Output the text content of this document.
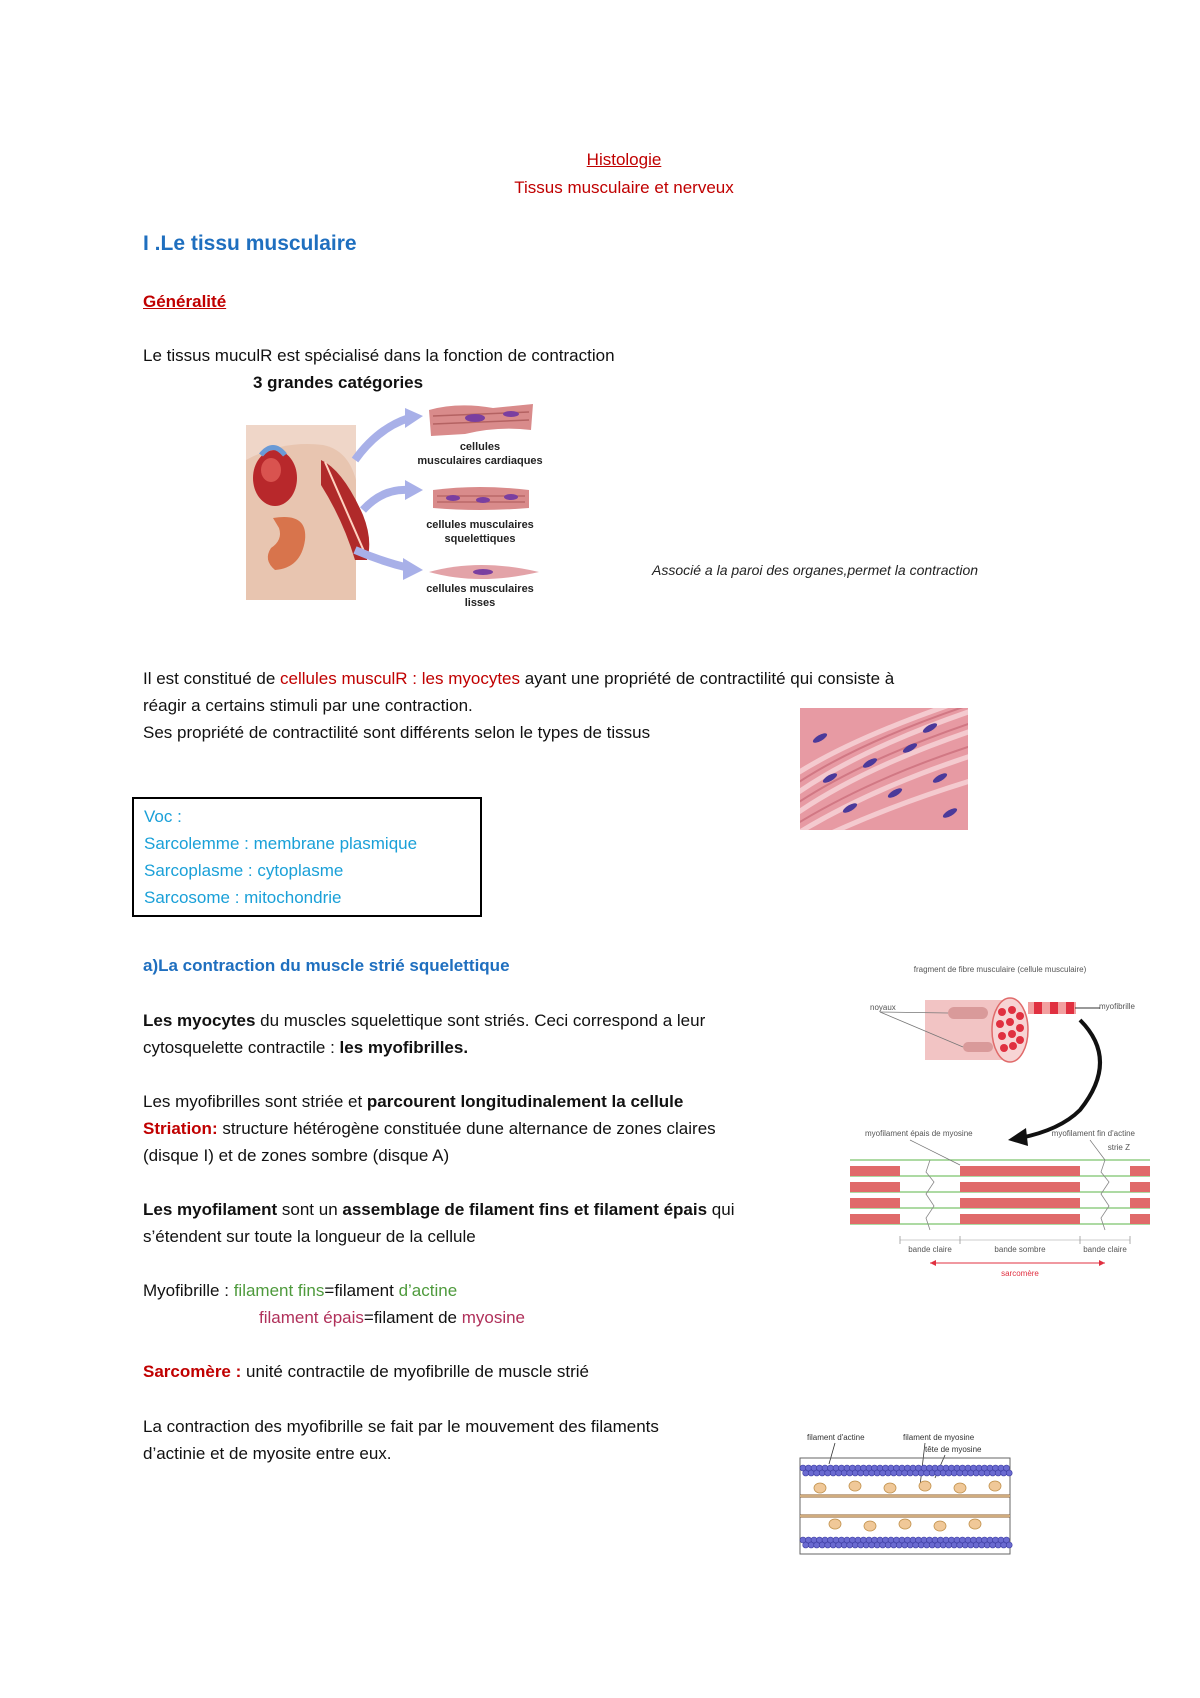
Histologie
Tissus musculaire et nerveux
I .Le tissu musculaire
Généralité
Le tissus muculR est spécialisé dans la fonction de contraction
3 grandes catégories
cellules
musculaires cardiaques
cellules musculaires
squelettiques
cellules musculaires
lisses
Associé a la paroi des organes,permet la contraction
Il est constitué de cellules musculR : les myocytes ayant une propriété de contractilité qui consiste à
réagir a certains stimuli par une contraction.
Ses propriété de contractilité sont différents selon le types de tissus
Voc :
Sarcolemme : membrane plasmique
Sarcoplasme : cytoplasme
Sarcosome : mitochondrie
a)La contraction du muscle strié squelettique
Les myocytes du muscles squelettique sont striés. Ceci correspond a leur
cytosquelette contractile : les myofibrilles.
Les myofibrilles sont striée et parcourent longitudinalement la cellule
Striation: structure hétérogène constituée dune alternance de zones claires
(disque I) et de zones sombre (disque A)
Les myofilament sont un assemblage de filament fins et filament épais qui
s’étendent sur toute la longueur de la cellule
Myofibrille : filament fins=filament d’actine
filament épais=filament de myosine
Sarcomère : unité contractile de myofibrille de muscle strié
La contraction des myofibrille se fait par le mouvement des filaments
d’actinie et de myosite entre eux.
fragment de fibre musculaire (cellule musculaire)
noyaux	myofibrille
myofilament épais de myosine	myofilament fin d'actine
strie Z
bande claire	bande sombre	bande claire
sarcomère
filament d'actine	filament de myosine
tête de myosine
